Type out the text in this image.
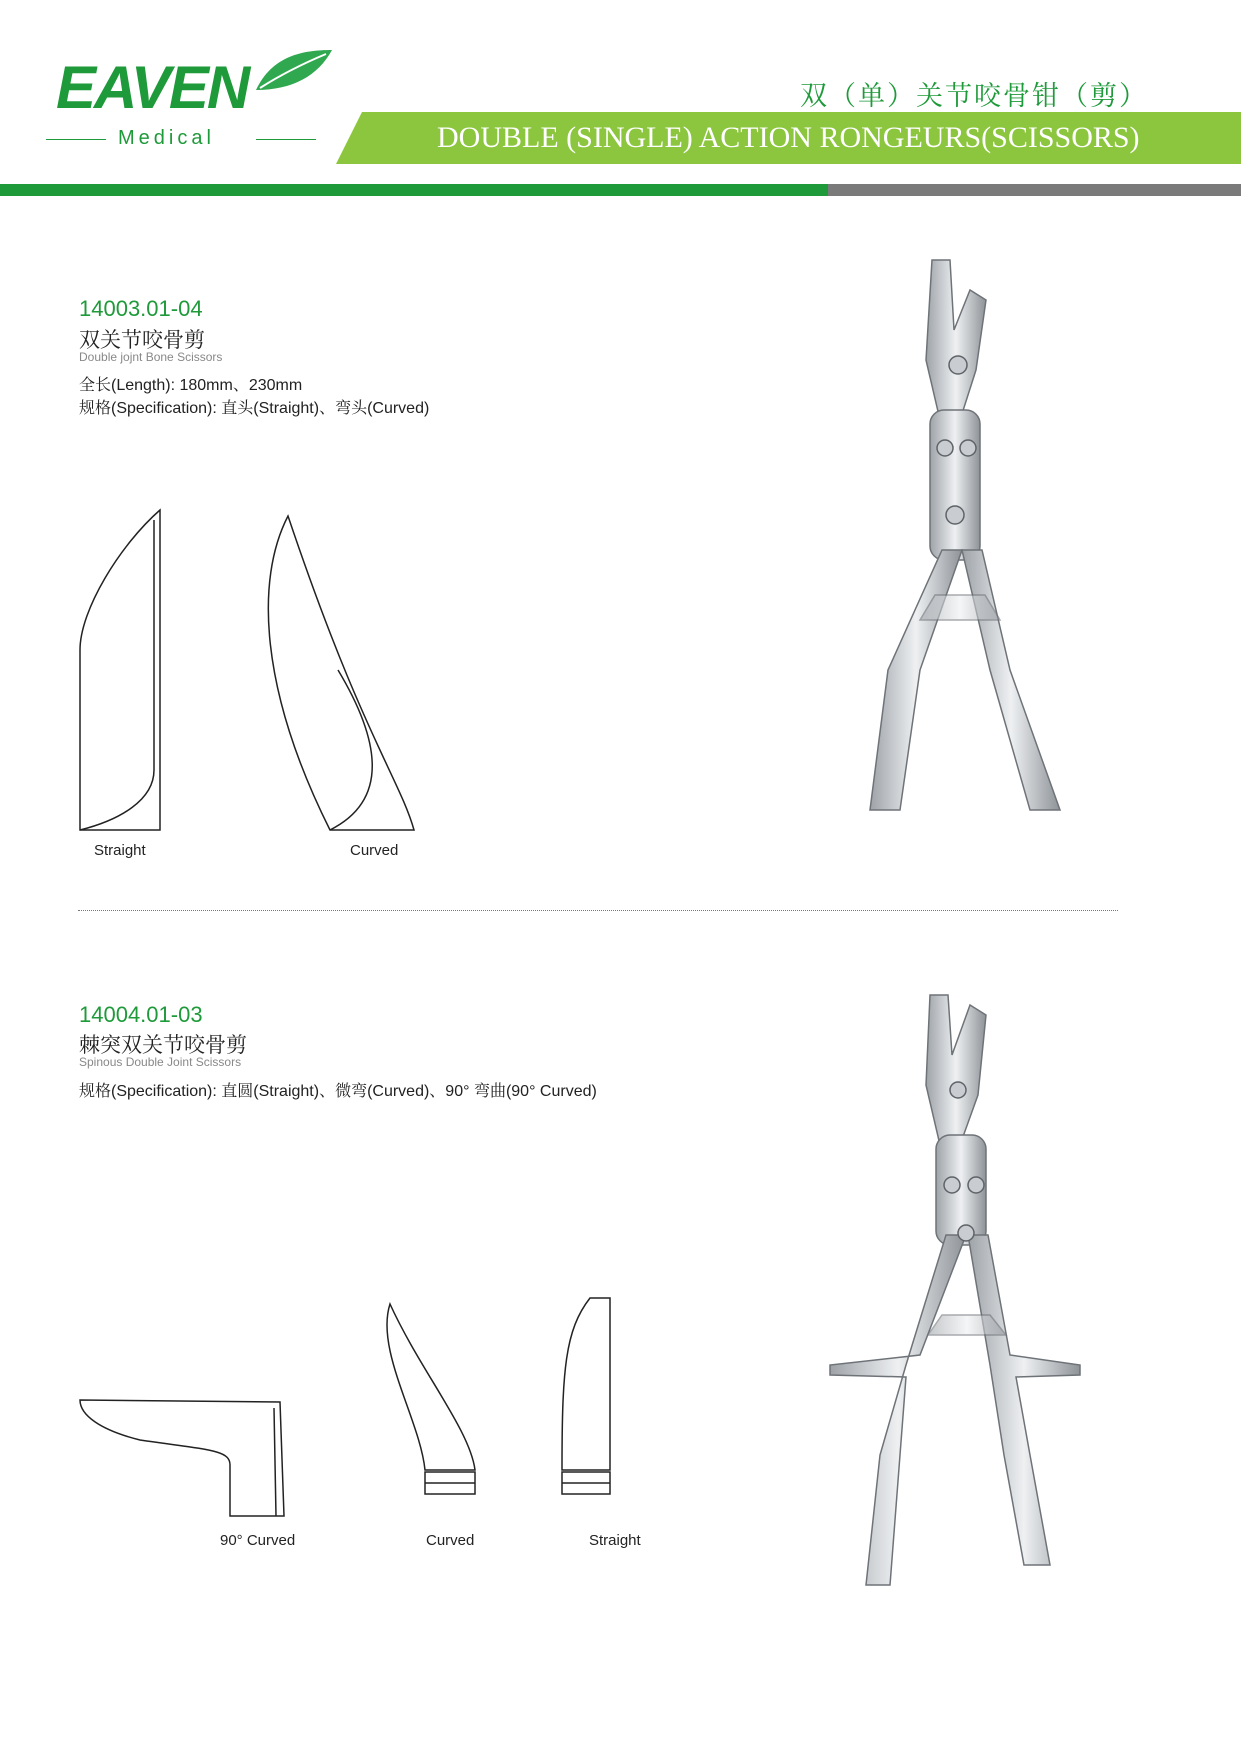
EAVEN
Medical
双（单）关节咬骨钳（剪）
DOUBLE (SINGLE) ACTION RONGEURS(SCISSORS)
14003.01-04
双关节咬骨剪
Double jojnt Bone Scissors
全长(Length): 180mm、230mm
规格(Specification): 直头(Straight)、弯头(Curved)
Straight	Curved
14004.01-03
棘突双关节咬骨剪
Spinous Double Joint Scissors
规格(Specification): 直圆(Straight)、微弯(Curved)、90° 弯曲(90° Curved)
90° Curved	Curved	Straight
